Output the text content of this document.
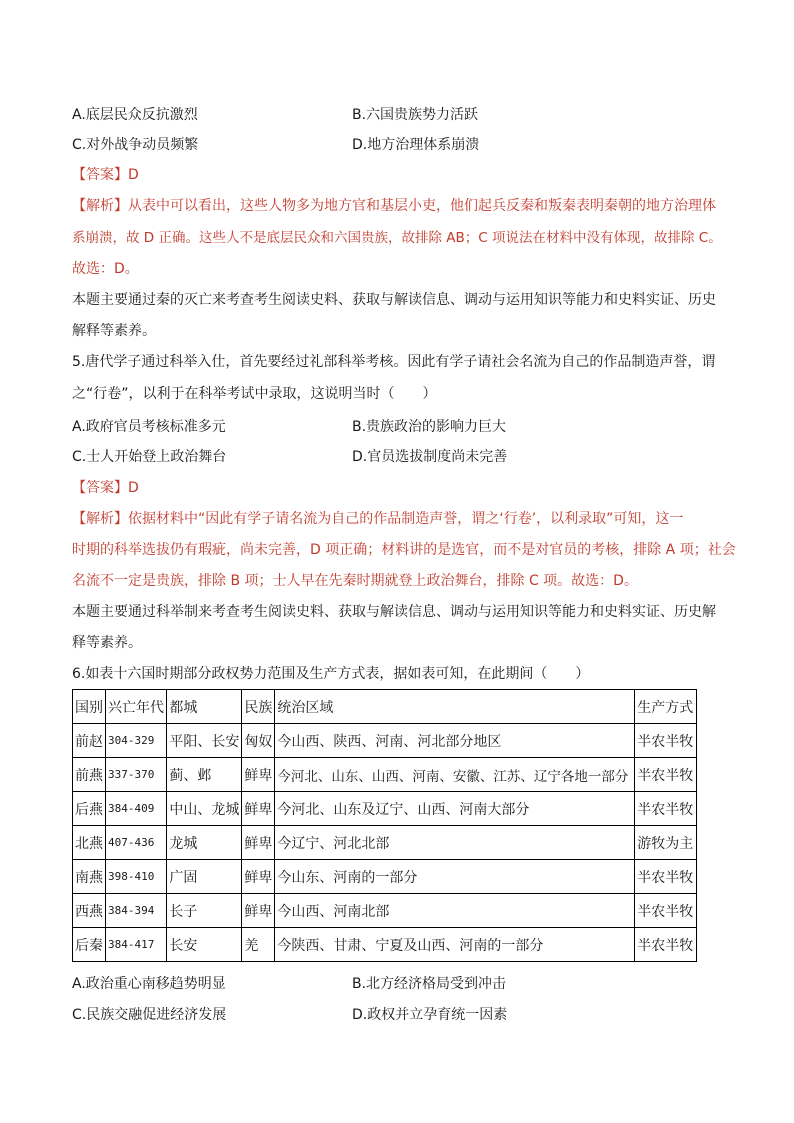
A.底层民众反抗激烈	B.六国贵族势力活跃
C.对外战争动员频繁	D.地方治理体系崩溃
【答案】D
【解析】从表中可以看出，这些人物多为地方官和基层小吏，他们起兵反秦和叛秦表明秦朝的地方治理体
系崩溃，故 D 正确。这些人不是底层民众和六国贵族，故排除 AB；C 项说法在材料中没有体现，故排除 C。
故选：D。
本题主要通过秦的灭亡来考查考生阅读史料、获取与解读信息、调动与运用知识等能力和史料实证、历史
解释等素养。
5.唐代学子通过科举入仕，首先要经过礼部科举考核。因此有学子请社会名流为自己的作品制造声誉，谓
之“行卷”，以利于在科举考试中录取，这说明当时（　　）
A.政府官员考核标准多元	B.贵族政治的影响力巨大
C.士人开始登上政治舞台	D.官员选拔制度尚未完善
【答案】D
【解析】依据材料中“因此有学子请名流为自己的作品制造声誉，谓之‘行卷’，以利录取”可知，这一
时期的科举选拔仍有瑕疵，尚未完善，D 项正确；材料讲的是选官，而不是对官员的考核，排除 A 项；社会
名流不一定是贵族，排除 B 项；士人早在先秦时期就登上政治舞台，排除 C 项。故选：D。
本题主要通过科举制来考查考生阅读史料、获取与解读信息、调动与运用知识等能力和史料实证、历史解
释等素养。
6.如表十六国时期部分政权势力范围及生产方式表，据如表可知，在此期间（　　）
国别	兴亡年代	都城	民族	统治区域	生产方式
前赵	304-329	平阳、长安	匈奴	今山西、陕西、河南、河北部分地区	半农半牧
前燕	337-370	蓟、邺	鲜卑	今河北、山东、山西、河南、安徽、江苏、辽宁各地一部分	半农半牧
后燕	384-409	中山、龙城	鲜卑	今河北、山东及辽宁、山西、河南大部分	半农半牧
北燕	407-436	龙城	鲜卑	今辽宁、河北北部	游牧为主
南燕	398-410	广固	鲜卑	今山东、河南的一部分	半农半牧
西燕	384-394	长子	鲜卑	今山西、河南北部	半农半牧
后秦	384-417	长安	羌	今陕西、甘肃、宁夏及山西、河南的一部分	半农半牧
A.政治重心南移趋势明显	B.北方经济格局受到冲击
C.民族交融促进经济发展	D.政权并立孕育统一因素
